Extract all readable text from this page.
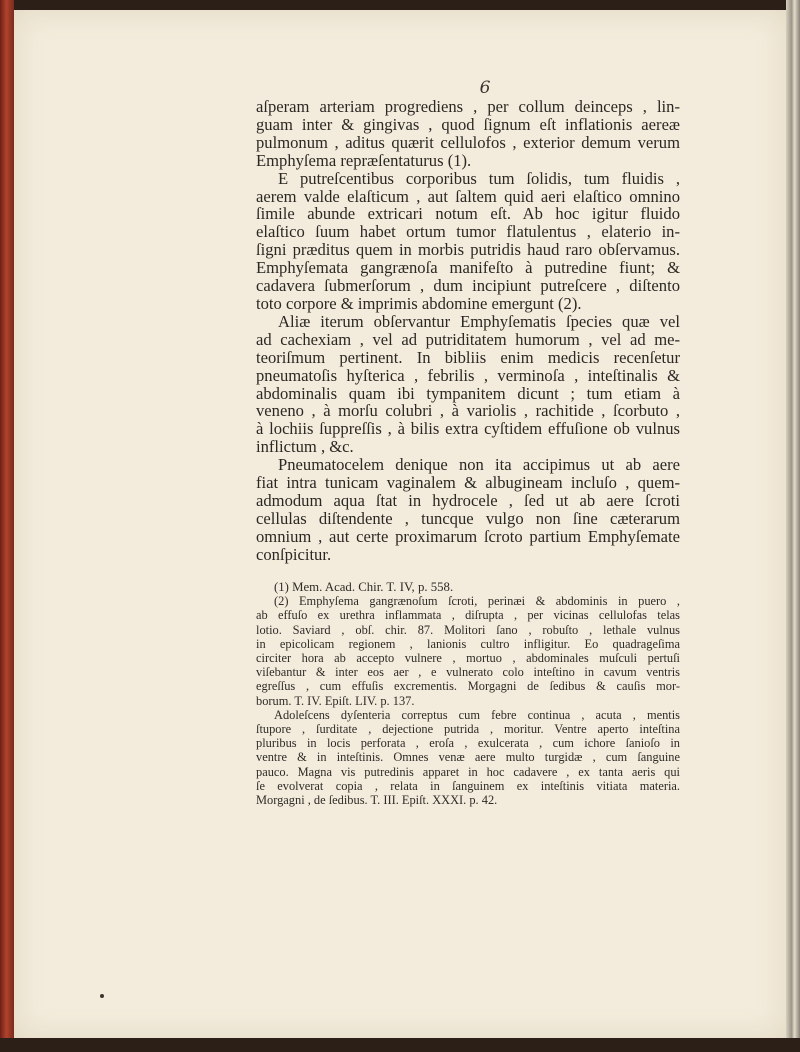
6
aſperam arteriam progrediens , per collum deinceps , lin-
guam inter & gingivas , quod ſignum eſt inflationis aereæ
pulmonum , aditus quærit cellulofos , exterior demum verum
Emphyſema repræſentaturus (1).
E putreſcentibus corporibus tum ſolidis, tum fluidis ,
aerem valde elaſticum , aut ſaltem quid aeri elaſtico omnino
ſimile abunde extricari notum eſt. Ab hoc igitur fluido
elaſtico ſuum habet ortum tumor flatulentus , elaterio in-
ſigni præditus quem in morbis putridis haud raro obſervamus.
Emphyſemata gangrænoſa manifeſto à putredine fiunt; &
cadavera ſubmerſorum , dum incipiunt putreſcere , diſtento
toto corpore & imprimis abdomine emergunt (2).
Aliæ iterum obſervantur Emphyſematis ſpecies quæ vel
ad cachexiam , vel ad putriditatem humorum , vel ad me-
teoriſmum pertinent. In bibliis enim medicis recenſetur
pneumatoſis hyſterica , febrilis , verminoſa , inteſtinalis &
abdominalis quam ibi tympanitem dicunt ; tum etiam à
veneno , à morſu colubri , à variolis , rachitide , ſcorbuto ,
à lochiis ſuppreſſis , à bilis extra cyſtidem effuſione ob vulnus
inflictum , &c.
Pneumatocelem denique non ita accipimus ut ab aere
fiat intra tunicam vaginalem & albugineam incluſo , quem-
admodum aqua ſtat in hydrocele , ſed ut ab aere ſcroti
cellulas diſtendente , tuncque vulgo non ſine cæterarum
omnium , aut certe proximarum ſcroto partium Emphyſemate
conſpicitur.
(1) Mem. Acad. Chir. T. IV, p. 558.
(2) Emphyſema gangrænoſum ſcroti, perinæi & abdominis in puero ,
ab effuſo ex urethra inflammata , diſrupta , per vicinas cellulofas telas
lotio. Saviard , obſ. chir. 87. Molitori ſano , robuſto , lethale vulnus
in epicolicam regionem , lanionis cultro infligitur. Eo quadrageſima
circiter hora ab accepto vulnere , mortuo , abdominales muſculi pertuſi
viſebantur & inter eos aer , e vulnerato colo inteſtino in cavum ventris
egreſſus , cum effuſis excrementis. Morgagni de ſedibus & cauſis mor-
borum. T. IV. Epiſt. LIV. p. 137.
Adoleſcens dyſenteria correptus cum febre continua , acuta , mentis
ſtupore , ſurditate , dejectione putrida , moritur. Ventre aperto inteſtina
pluribus in locis perforata , eroſa , exulcerata , cum ichore ſanioſo in
ventre & in inteſtinis. Omnes venæ aere multo turgidæ , cum ſanguine
pauco. Magna vis putredinis apparet in hoc cadavere , ex tanta aeris qui
ſe evolverat copia , relata in ſanguinem ex inteſtinis vitiata materia.
Morgagni , de ſedibus. T. III. Epiſt. XXXI. p. 42.
